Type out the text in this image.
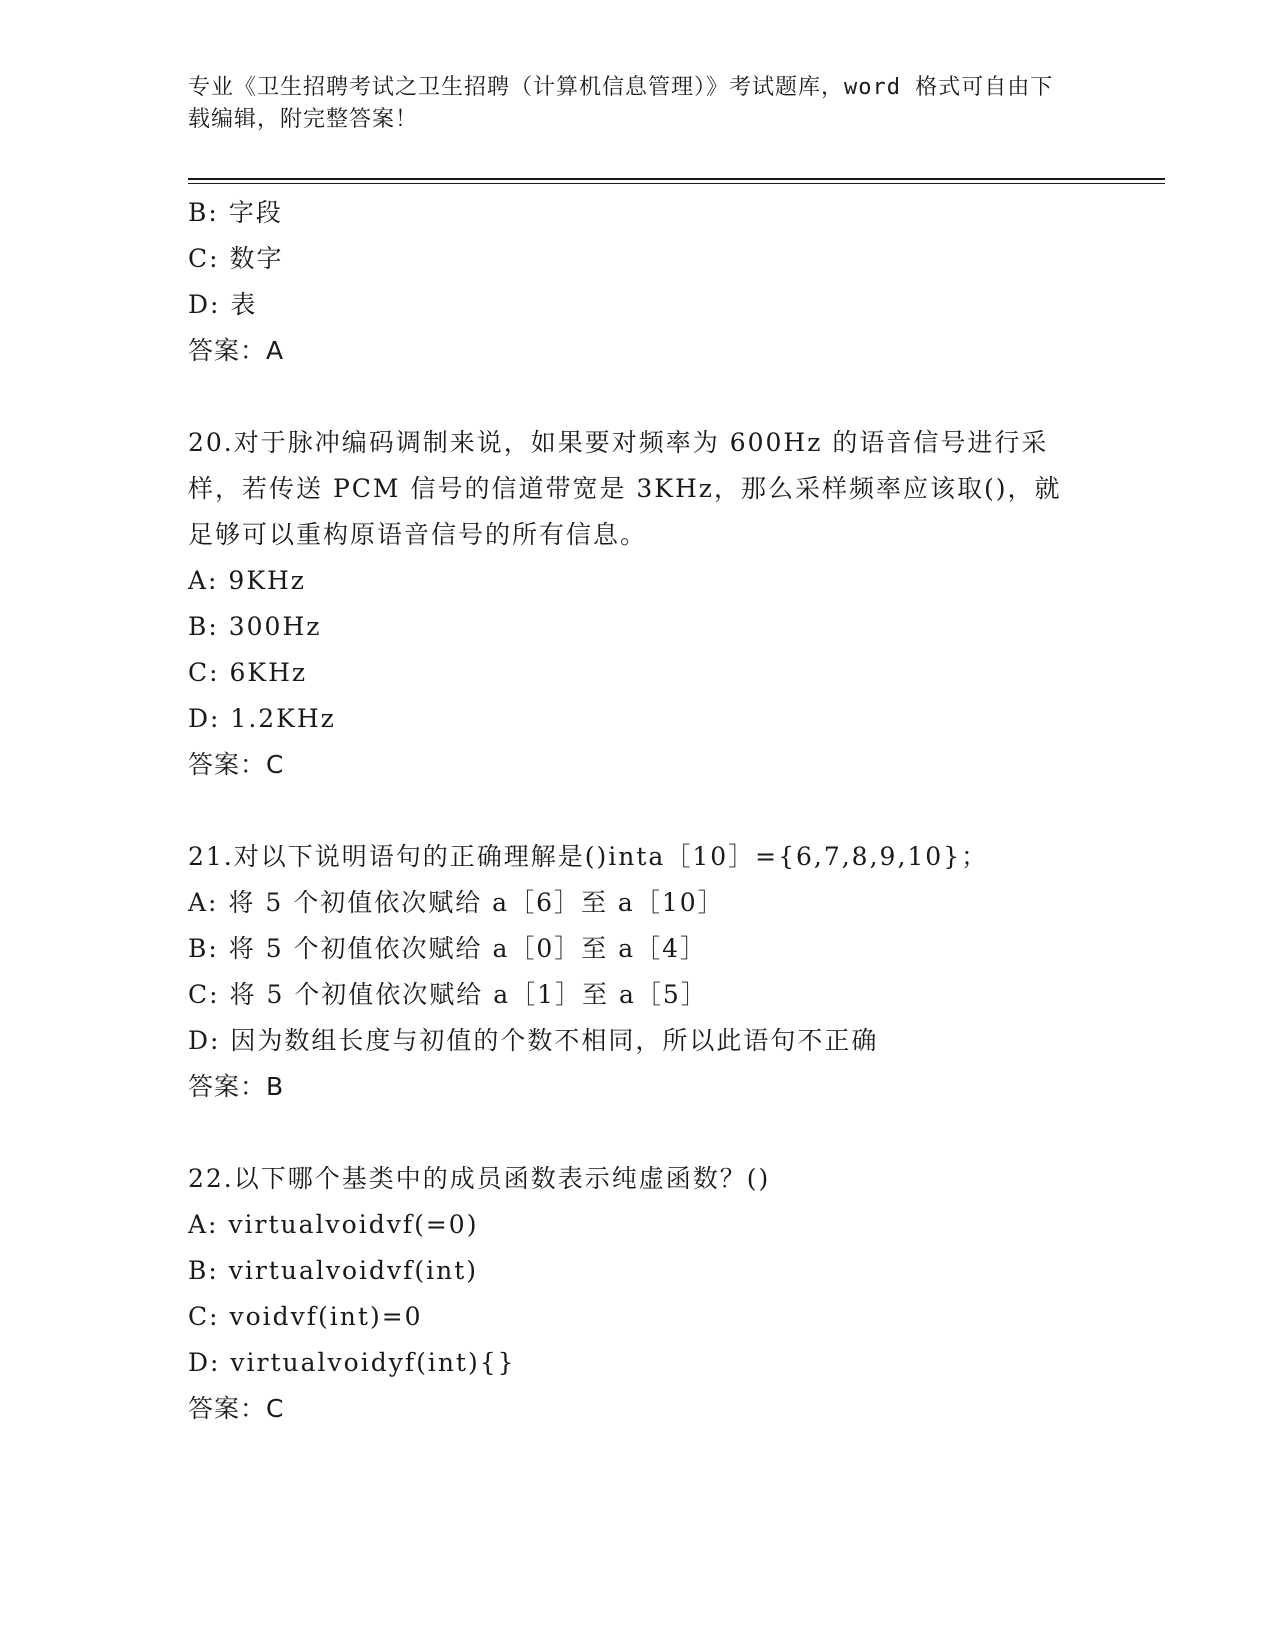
专业《卫生招聘考试之卫生招聘（计算机信息管理）》考试题库，word 格式可自由下载编辑，附完整答案！
B: 字段
C: 数字
D: 表
答案：A
20.对于脉冲编码调制来说，如果要对频率为 600Hz 的语音信号进行采样，若传送 PCM 信号的信道带宽是 3KHz，那么采样频率应该取()，就足够可以重构原语音信号的所有信息。
A: 9KHz
B: 300Hz
C: 6KHz
D: 1.2KHz
答案：C
21.对以下说明语句的正确理解是()inta［10］={6,7,8,9,10}；
A: 将 5 个初值依次赋给 a［6］至 a［10］
B: 将 5 个初值依次赋给 a［0］至 a［4］
C: 将 5 个初值依次赋给 a［1］至 a［5］
D: 因为数组长度与初值的个数不相同，所以此语句不正确
答案：B
22.以下哪个基类中的成员函数表示纯虚函数？()
A: virtualvoidvf(=0)
B: virtualvoidvf(int)
C: voidvf(int)=0
D: virtualvoidyf(int){}
答案：C
